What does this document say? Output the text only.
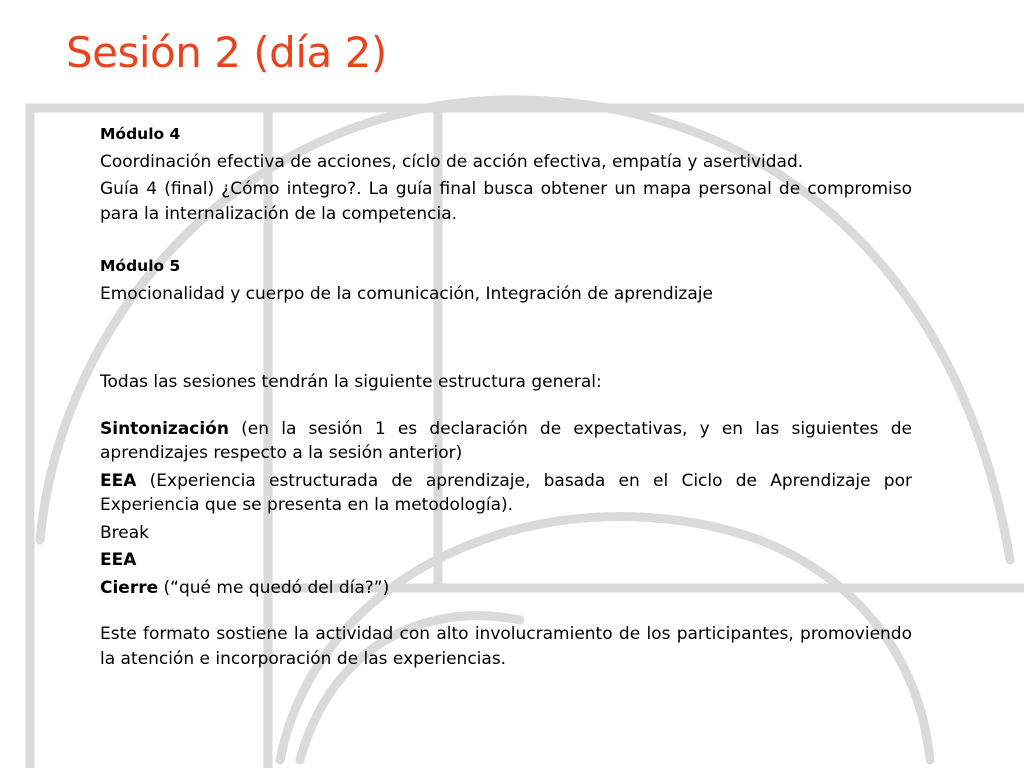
Sesión 2 (día 2)

Módulo 4

Coordinación efectiva de acciones, cíclo de acción efectiva, empatía y asertividad.

Guía 4 (final) ¿Cómo integro?. La guía final busca obtener un mapa personal de compromiso para la internalización de la competencia.

Módulo 5

Emocionalidad y cuerpo de la comunicación, Integración de aprendizaje

Todas las sesiones tendrán la siguiente estructura general:

Sintonización (en la sesión 1 es declaración de expectativas, y en las siguientes de aprendizajes respecto a la sesión anterior)

EEA (Experiencia estructurada de aprendizaje, basada en el Ciclo de Aprendizaje por Experiencia que se presenta en la metodología).

Break

EEA

Cierre (“qué me quedó del día?”)

Este formato sostiene la actividad con alto involucramiento de los participantes, promoviendo la atención e incorporación de las experiencias.
